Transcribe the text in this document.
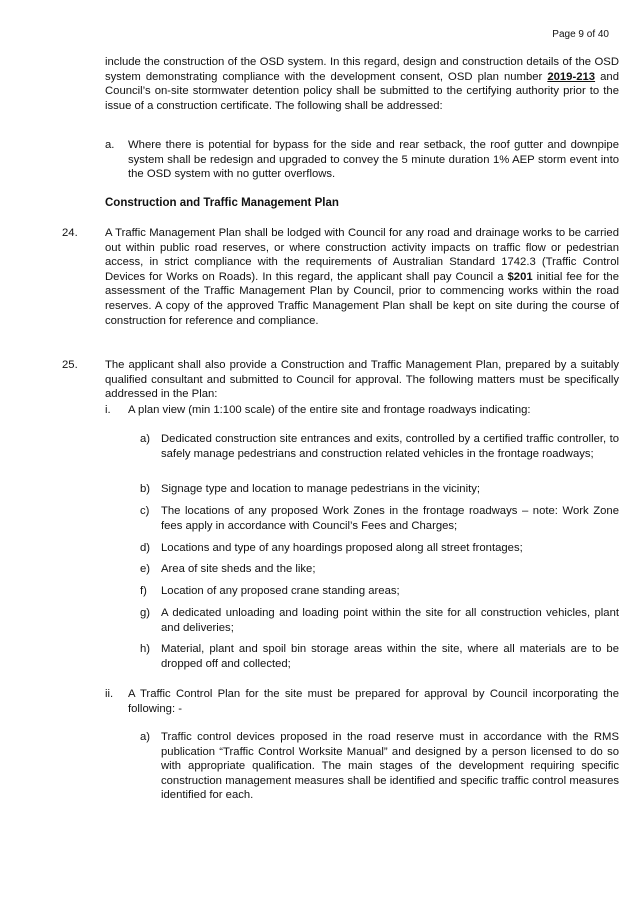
Page 9 of 40
include the construction of the OSD system. In this regard, design and construction details of the OSD system demonstrating compliance with the development consent, OSD plan number 2019-213 and Council’s on-site stormwater detention policy shall be submitted to the certifying authority prior to the issue of a construction certificate. The following shall be addressed:
a. Where there is potential for bypass for the side and rear setback, the roof gutter and downpipe system shall be redesign and upgraded to convey the 5 minute duration 1% AEP storm event into the OSD system with no gutter overflows.
Construction and Traffic Management Plan
24. A Traffic Management Plan shall be lodged with Council for any road and drainage works to be carried out within public road reserves, or where construction activity impacts on traffic flow or pedestrian access, in strict compliance with the requirements of Australian Standard 1742.3 (Traffic Control Devices for Works on Roads). In this regard, the applicant shall pay Council a $201 initial fee for the assessment of the Traffic Management Plan by Council, prior to commencing works within the road reserves. A copy of the approved Traffic Management Plan shall be kept on site during the course of construction for reference and compliance.
25. The applicant shall also provide a Construction and Traffic Management Plan, prepared by a suitably qualified consultant and submitted to Council for approval. The following matters must be specifically addressed in the Plan:
i. A plan view (min 1:100 scale) of the entire site and frontage roadways indicating:
a) Dedicated construction site entrances and exits, controlled by a certified traffic controller, to safely manage pedestrians and construction related vehicles in the frontage roadways;
b) Signage type and location to manage pedestrians in the vicinity;
c) The locations of any proposed Work Zones in the frontage roadways – note: Work Zone fees apply in accordance with Council’s Fees and Charges;
d) Locations and type of any hoardings proposed along all street frontages;
e) Area of site sheds and the like;
f) Location of any proposed crane standing areas;
g) A dedicated unloading and loading point within the site for all construction vehicles, plant and deliveries;
h) Material, plant and spoil bin storage areas within the site, where all materials are to be dropped off and collected;
ii. A Traffic Control Plan for the site must be prepared for approval by Council incorporating the following: -
a) Traffic control devices proposed in the road reserve must in accordance with the RMS publication “Traffic Control Worksite Manual” and designed by a person licensed to do so with appropriate qualification. The main stages of the development requiring specific construction management measures shall be identified and specific traffic control measures identified for each.
